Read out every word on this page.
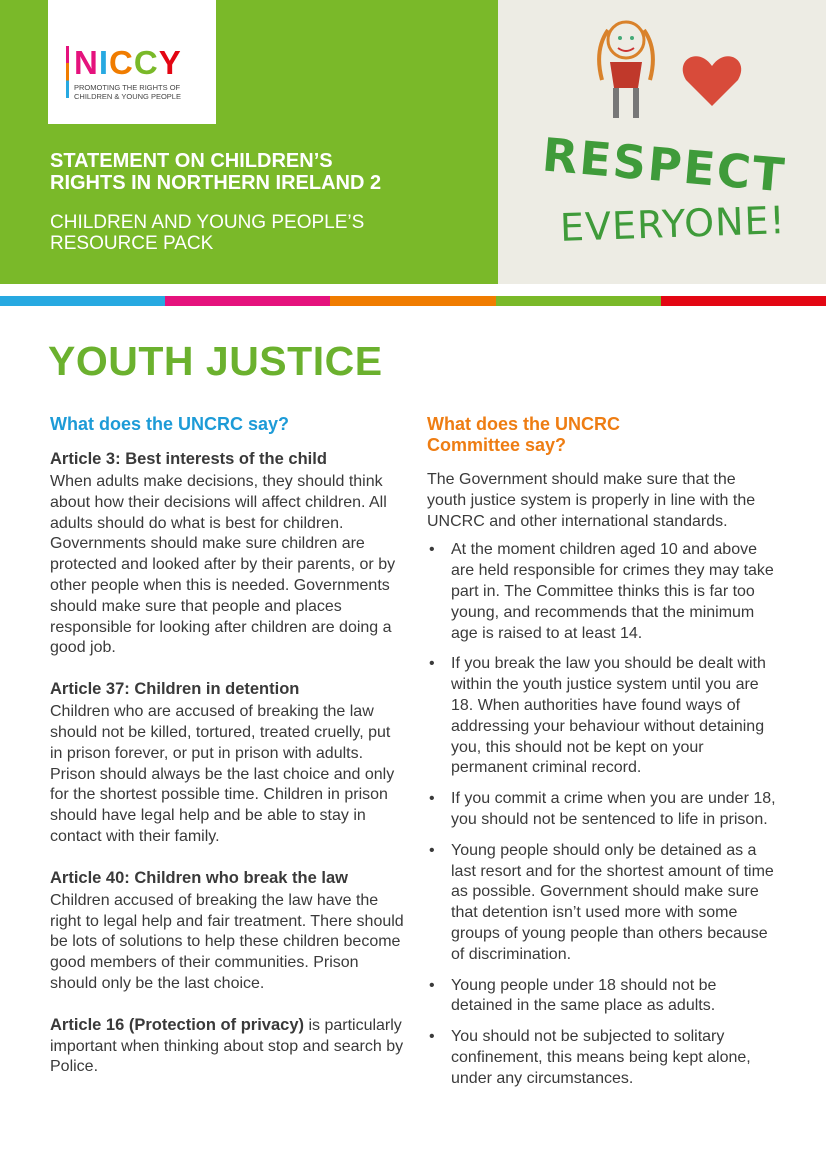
NICCY
PROMOTING THE RIGHTS OF
CHILDREN & YOUNG PEOPLE
STATEMENT ON CHILDREN’S
RIGHTS IN NORTHERN IRELAND 2
CHILDREN AND YOUNG PEOPLE’S
RESOURCE PACK
RESPECT
EVERYONE!
YOUTH JUSTICE
What does the UNCRC say?
Article 3: Best interests of the child

When adults make decisions, they should think about how their decisions will affect children. All adults should do what is best for children. Governments should make sure children are protected and looked after by their parents, or by other people when this is needed. Governments should make sure that people and places responsible for looking after children are doing a good job.

Article 37: Children in detention

Children who are accused of breaking the law should not be killed, tortured, treated cruelly, put in prison forever, or put in prison with adults. Prison should always be the last choice and only for the shortest possible time. Children in prison should have legal help and be able to stay in contact with their family.

Article 40: Children who break the law

Children accused of breaking the law have the right to legal help and fair treatment. There should be lots of solutions to help these children become good members of their communities. Prison should only be the last choice.

Article 16 (Protection of privacy) is particularly important when thinking about stop and search by Police.

What does the UNCRC
Committee say?

The Government should make sure that the youth justice system is properly in line with the UNCRC and other international standards.

• At the moment children aged 10 and above are held responsible for crimes they may take part in. The Committee thinks this is far too young, and recommends that the minimum age is raised to at least 14.
• If you break the law you should be dealt with within the youth justice system until you are 18. When authorities have found ways of addressing your behaviour without detaining you, this should not be kept on your permanent criminal record.
• If you commit a crime when you are under 18, you should not be sentenced to life in prison.
• Young people should only be detained as a last resort and for the shortest amount of time as possible. Government should make sure that detention isn’t used more with some groups of young people than others because of discrimination.
• Young people under 18 should not be detained in the same place as adults.
• You should not be subjected to solitary confinement, this means being kept alone, under any circumstances.
